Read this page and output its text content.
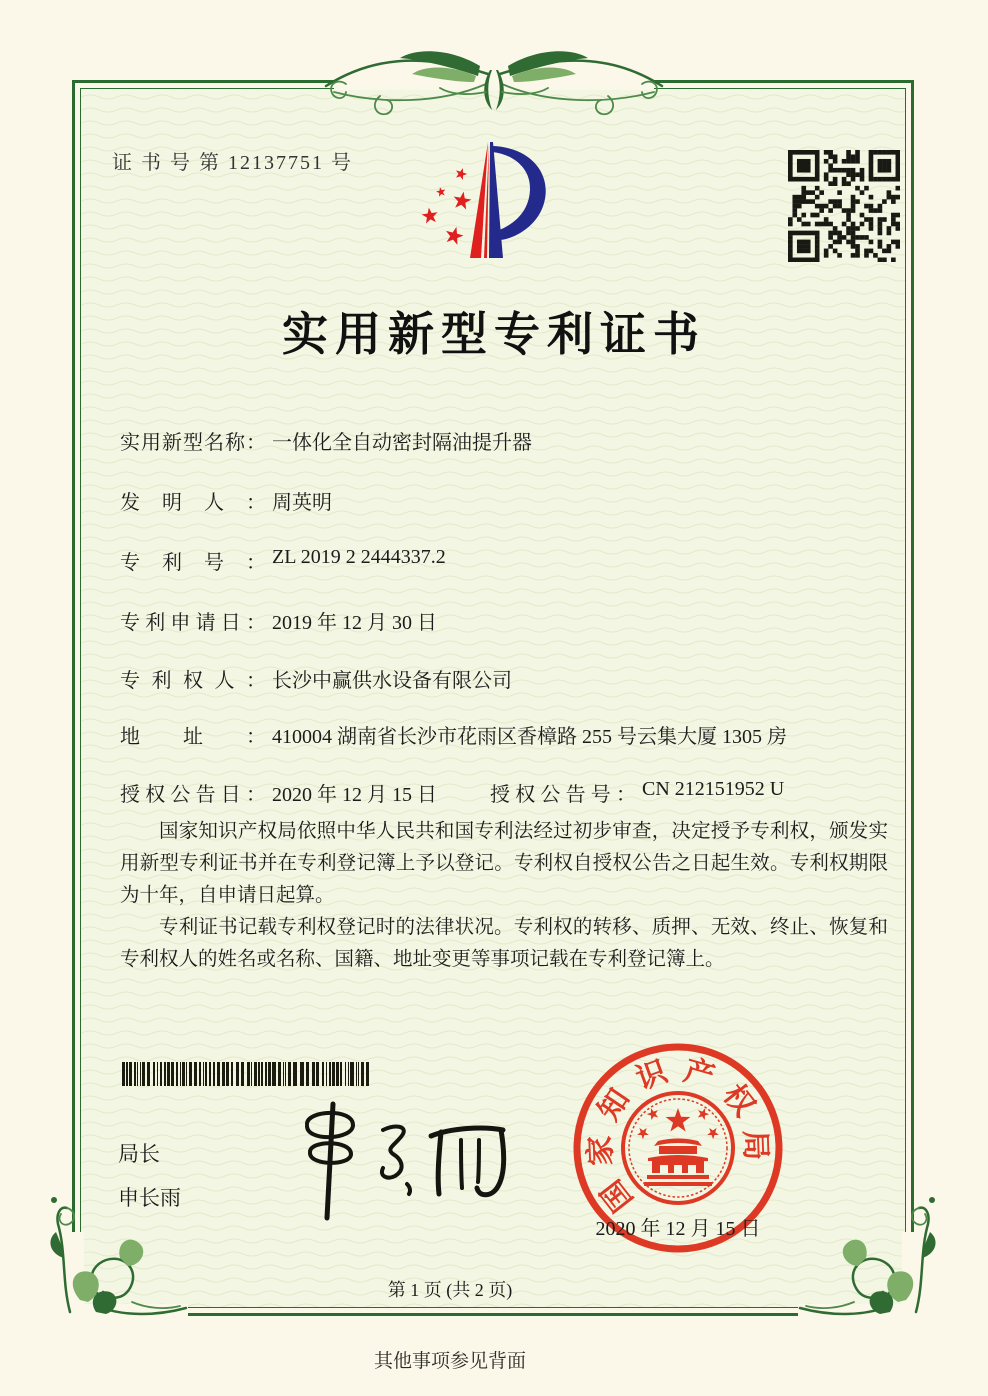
证 书 号 第 12137751 号
实用新型专利证书
实用新型名称： 一体化全自动密封隔油提升器
发明人： 周英明
专利号： ZL 2019 2 2444337.2
专利申请日： 2019 年 12 月 30 日
专利权人： 长沙中赢供水设备有限公司
地址： 410004 湖南省长沙市花雨区香樟路 255 号云集大厦 1305 房
授权公告日： 2020 年 12 月 15 日	授权公告号： CN 212151952 U

国家知识产权局依照中华人民共和国专利法经过初步审查，决定授予专利权，颁发实用新型专利证书并在专利登记簿上予以登记。专利权自授权公告之日起生效。专利权期限为十年，自申请日起算。

专利证书记载专利权登记时的法律状况。专利权的转移、质押、无效、终止、恢复和专利权人的姓名或名称、国籍、地址变更等事项记载在专利登记簿上。

局长
申长雨	国
家
知
识 产
权
局
2020 年 12 月 15 日
第 1 页 (共 2 页)
其他事项参见背面
